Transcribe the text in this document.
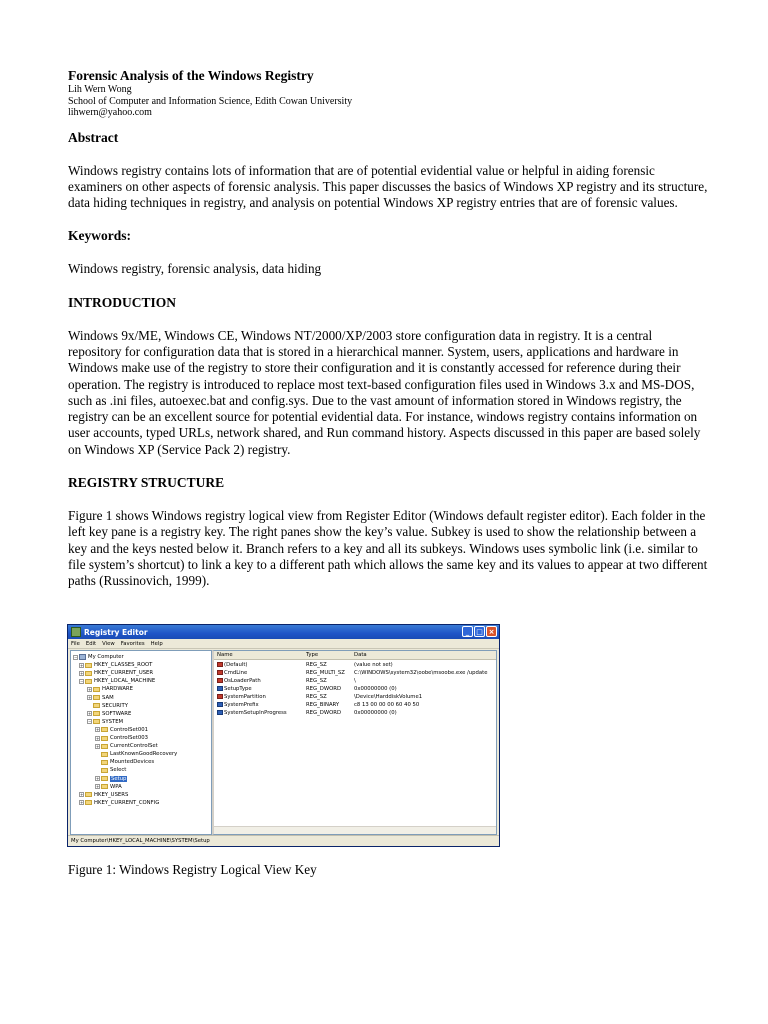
Forensic Analysis of the Windows Registry

Lih Wern Wong

School of Computer and Information Science, Edith Cowan University

lihwern@yahoo.com

Abstract

Windows registry contains lots of information that are of potential evidential value or helpful in aiding forensic examiners on other aspects of forensic analysis. This paper discusses the basics of Windows XP registry and its structure, data hiding techniques in registry, and analysis on potential Windows XP registry entries that are of forensic values.

Keywords:

Windows registry, forensic analysis, data hiding

INTRODUCTION

Windows 9x/ME, Windows CE, Windows NT/2000/XP/2003 store configuration data in registry. It is a central repository for configuration data that is stored in a hierarchical manner. System, users, applications and hardware in Windows make use of the registry to store their configuration and it is constantly accessed for reference during their operation. The registry is introduced to replace most text-based configuration files used in Windows 3.x and MS-DOS, such as .ini files, autoexec.bat and config.sys. Due to the vast amount of information stored in Windows registry, the registry can be an excellent source for potential evidential data. For instance, windows registry contains information on user accounts, typed URLs, network shared, and Run command history. Aspects discussed in this paper are based solely on Windows XP (Service Pack 2) registry.

REGISTRY STRUCTURE

Figure 1 shows Windows registry logical view from Register Editor (Windows default register editor). Each folder in the left key pane is a registry key. The right panes show the key’s value. Subkey is used to show the relationship between a key and the keys nested below it. Branch refers to a key and all its subkeys. Windows uses symbolic link (i.e. similar to file system’s shortcut) to link a key to a different path which allows the same key and its values to appear at two different paths (Russinovich, 1999).

Registry Editor	_ □ ×
File Edit View Favorites Help
− My Computer
+ HKEY_CLASSES_ROOT
+ HKEY_CURRENT_USER
− HKEY_LOCAL_MACHINE
+ HARDWARE
+ SAM
SECURITY
+ SOFTWARE
− SYSTEM
+ ControlSet001
+ ControlSet003
+ CurrentControlSet
LastKnownGoodRecovery
MountedDevices
Select
+ Setup
+ WPA
+ HKEY_USERS
+ HKEY_CURRENT_CONFIG
Name	Type	Data
(Default)	REG_SZ	(value not set)
CmdLine	REG_MULTI_SZ C:\WINDOWS\system32\oobe\msoobe.exe /update
OsLoaderPath	REG_SZ	\
SetupType	REG_DWORD 0x00000000 (0)
SystemPartition	REG_SZ	\Device\HarddiskVolume1
SystemPrefix	REG_BINARY	c8 13 00 00 00 60 40 50
SystemSetupInProgress	REG_DWORD 0x00000000 (0)
My Computer\HKEY_LOCAL_MACHINE\SYSTEM\Setup
Figure 1: Windows Registry Logical View Key
